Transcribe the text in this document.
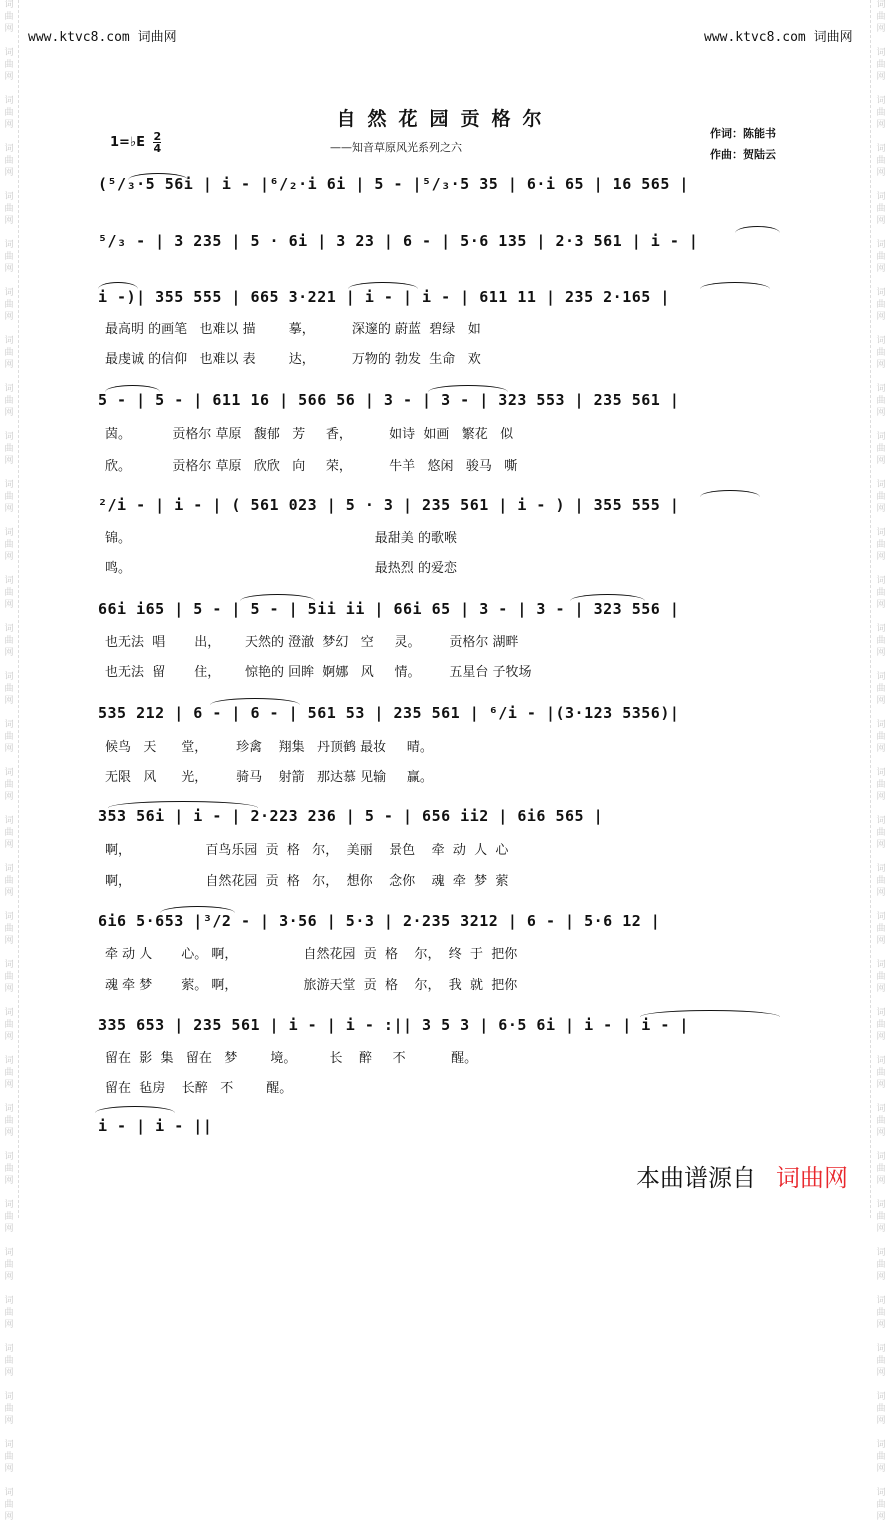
词
曲
网

词
曲
网

词
曲
网

词
曲
网

词
曲
网

词
曲
网

词
曲
网

词
曲
网

词
曲
网

词
曲
网

词
曲
网

词
曲
网

词
曲
网

词
曲
网

词
曲
网

词
曲
网

词
曲
网

词
曲
网

词
曲
网

词
曲
网

词
曲
网

词
曲
网

词
曲
网

词
曲
网

词
曲
网

词
曲
网

词
曲
网

词
曲
网

词
曲
网

词
曲
网

词
曲
网

词
曲
网

词
曲
网

词
曲
网

词
曲
网

词
曲
网

词
曲
网

词
曲
网

词
曲
网

词
曲
网

词
曲
网

词
曲
网

词
曲
网

词
曲
网

词
曲
网

词
曲
网

词
曲
网

词
曲
网

词
曲
网

词
曲
网

词
曲
网

词
曲
网

词
曲
网

词
曲
网

词
曲
网

词
曲
网

词
曲
网

词
曲
网

词
曲
网

词
曲
网

词
曲
网

词
曲
网

词
曲
网

词
曲
网

www.ktvc8.com 词曲网	www.ktvc8.com 词曲网
自然花园贡格尔
——知音草原风光系列之六
1=♭E $\frac{2}{4}$	作词：陈能书
作曲：贺陆云
(⁵/₃·5 56i | i - |⁶/₂·i 6i | 5 - |⁵/₃·5 35 | 6·i 65 | 16 565 |
⁵/₃ - | 3 235 | 5 · 6i | 3 23 | 6 - | 5·6 135 | 2·3 561 | i - |
i -)| 355 555 | 665 3·221 | i - | i - | 611 11 | 235 2·165 |
最高明 的画笔   也难以 描        摹，         深邃的 蔚蓝  碧绿   如
最虔诚 的信仰   也难以 表        达，         万物的 勃发  生命   欢
5 - | 5 - | 611 16 | 566 56 | 3 - | 3 - | 323 553 | 235 561 |
茵。          贡格尔 草原   馥郁   芳     香，         如诗  如画   繁花   似
欣。          贡格尔 草原   欣欣   向     荣，         牛羊   悠闲   骏马   嘶
²/i - | i - | ( 561 023 | 5 · 3 | 235 561 | i - ) | 355 555 |
锦。                                                           最甜美 的歌喉
鸣。                                                           最热烈 的爱恋
66i i65 | 5 - | 5 - | 5ii ii | 66i 65 | 3 - | 3 - | 323 556 |
也无法  唱       出，      天然的 澄澈  梦幻   空     灵。       贡格尔 湖畔
也无法  留       住，      惊艳的 回眸  婀娜   风     情。       五星台 子牧场
535 212 | 6 - | 6 - | 561 53 | 235 561 | ⁶/i - |(3·123 5356)|
候鸟   天      堂，       珍禽    翔集   丹顶鹤 最妆     晴。
无限   风      光，       骑马    射箭   那达慕 见输     赢。
353 56i | i - | 2·223 236 | 5 - | 656 ii2 | 6i6 565 |
啊，                  百鸟乐园  贡  格   尔，  美丽    景色    牵  动  人  心
啊，                  自然花园  贡  格   尔，  想你    念你    魂  牵  梦  萦
6i6 5·653 |³/2 - | 3·56 | 5·3 | 2·235 3212 | 6 - | 5·6 12 |
牵 动 人       心。 啊，                自然花园  贡  格    尔，  终  于  把你
魂 牵 梦       萦。 啊，                旅游天堂  贡  格    尔，  我  就  把你
335 653 | 235 561 | i - | i - :|| 3 5 3 | 6·5 6i | i - | i - |
留在  影  集   留在   梦        境。        长    醉     不           醒。
留在  毡房    长醉   不        醒。
i - | i - ||
本曲谱源自 词曲网
